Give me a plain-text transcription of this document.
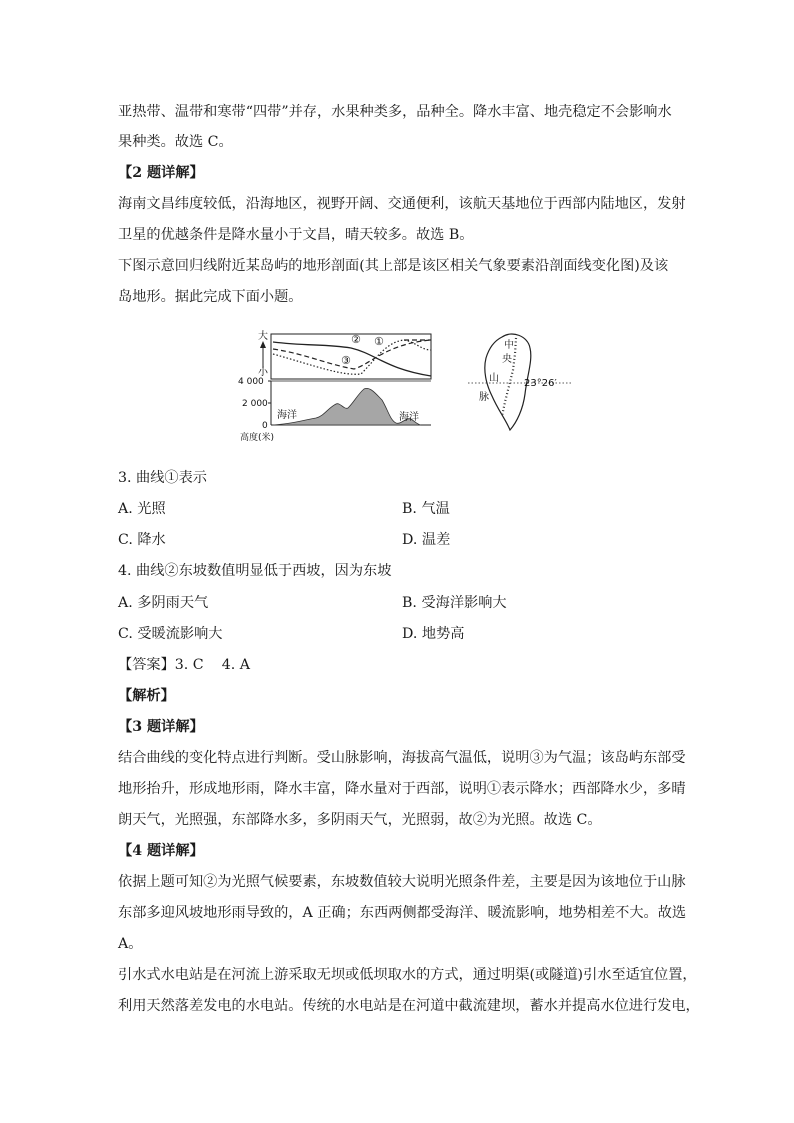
亚热带、温带和寒带“四带”并存，水果种类多，品种全。降水丰富、地壳稳定不会影响水
果种类。故选 C。
【2 题详解】
海南文昌纬度较低，沿海地区，视野开阔、交通便利，该航天基地位于西部内陆地区，发射
卫星的优越条件是降水量小于文昌，晴天较多。故选 B。
下图示意回归线附近某岛屿的地形剖面(其上部是该区相关气象要素沿剖面线变化图)及该
岛地形。据此完成下面小题。
大
小
② ①
③
4 000
2 000
0
高度(米)
海洋	海洋
23°26′
中
央
山
脉
3. 曲线①表示
A. 光照	B. 气温
C. 降水	D. 温差
4. 曲线②东坡数值明显低于西坡，因为东坡
A. 多阴雨天气	B. 受海洋影响大
C. 受暖流影响大	D. 地势高
【答案】3. C    4. A
【解析】
【3 题详解】
结合曲线的变化特点进行判断。受山脉影响，海拔高气温低，说明③为气温；该岛屿东部受
地形抬升，形成地形雨，降水丰富，降水量对于西部，说明①表示降水；西部降水少，多晴
朗天气，光照强，东部降水多，多阴雨天气，光照弱，故②为光照。故选 C。
【4 题详解】
依据上题可知②为光照气候要素，东坡数值较大说明光照条件差，主要是因为该地位于山脉
东部多迎风坡地形雨导致的，A 正确；东西两侧都受海洋、暖流影响，地势相差不大。故选
A。
引水式水电站是在河流上游采取无坝或低坝取水的方式，通过明渠(或隧道)引水至适宜位置，
利用天然落差发电的水电站。传统的水电站是在河道中截流建坝，蓄水并提高水位进行发电，
